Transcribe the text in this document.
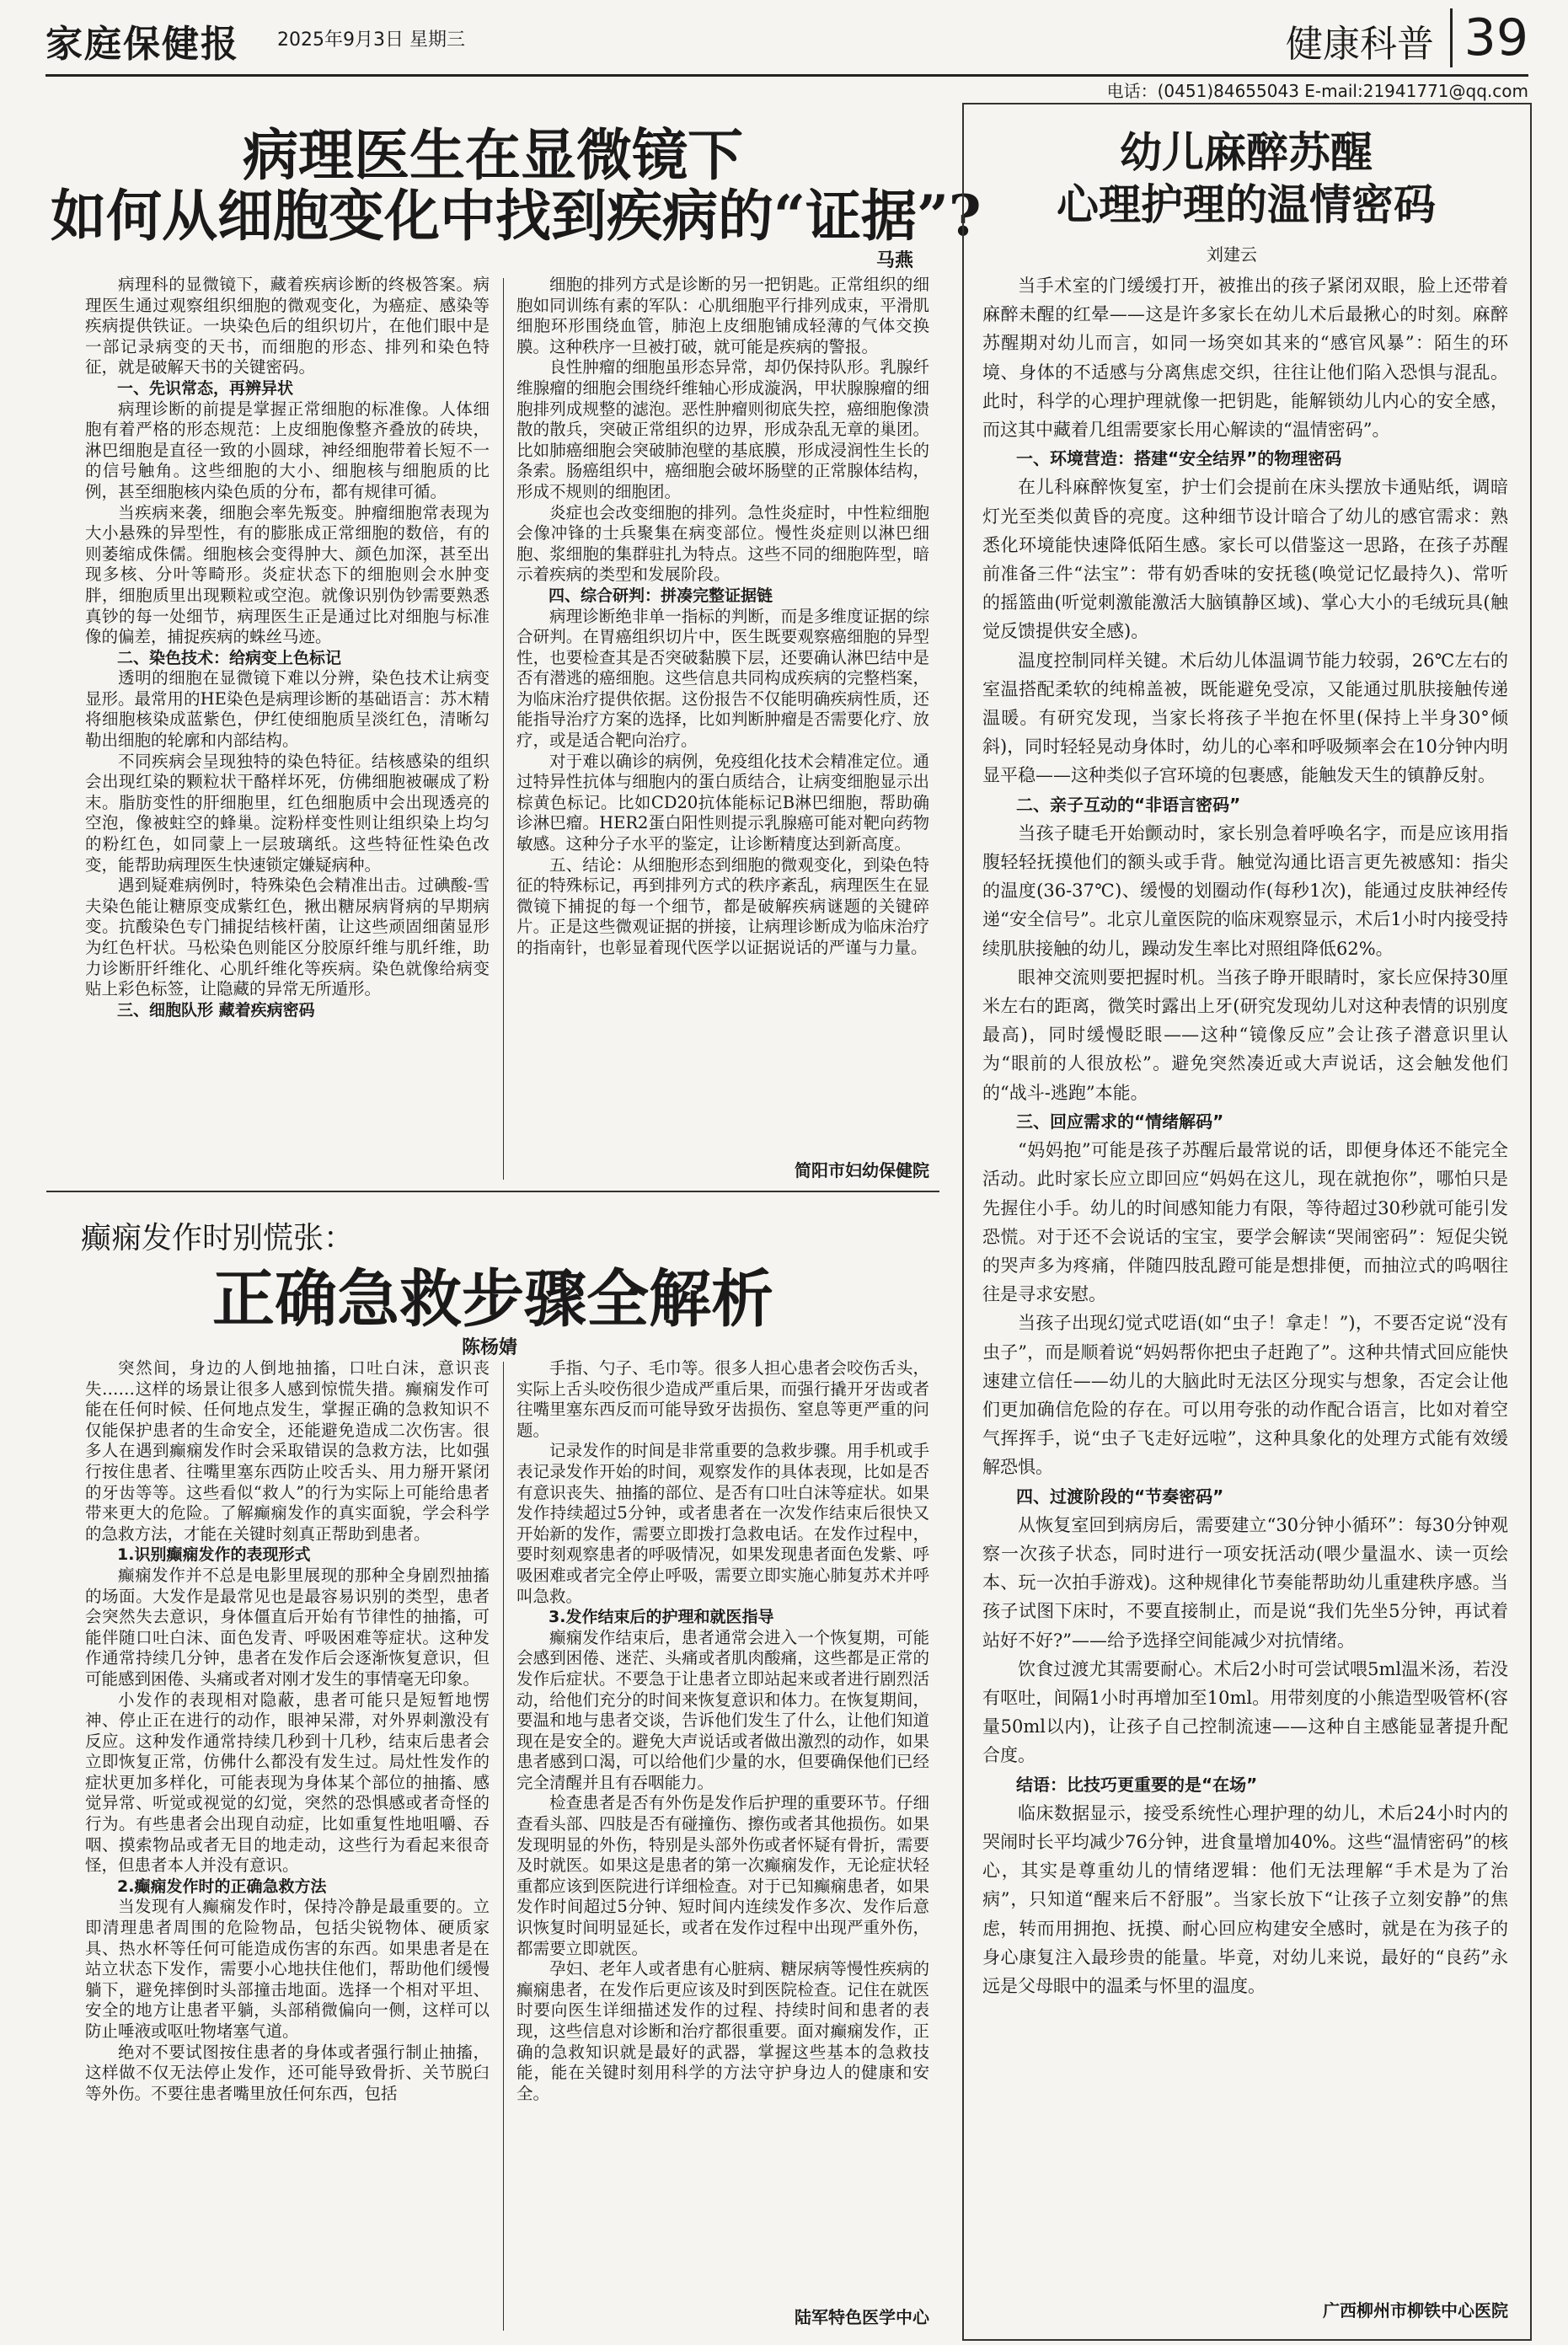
家庭保健报 2025年9月3日 星期三	健康科普 39
电话：(0451)84655043 E-mail:21941771@qq.com
病理医生在显微镜下
如何从细胞变化中找到疾病的“证据”?
马燕

病理科的显微镜下，藏着疾病诊断的终极答案。病理医生通过观察组织细胞的微观变化，为癌症、感染等疾病提供铁证。一块染色后的组织切片，在他们眼中是一部记录病变的天书，而细胞的形态、排列和染色特征，就是破解天书的关键密码。

一、先识常态，再辨异状

病理诊断的前提是掌握正常细胞的标准像。人体细胞有着严格的形态规范：上皮细胞像整齐叠放的砖块，淋巴细胞是直径一致的小圆球，神经细胞带着长短不一的信号触角。这些细胞的大小、细胞核与细胞质的比例，甚至细胞核内染色质的分布，都有规律可循。

当疾病来袭，细胞会率先叛变。肿瘤细胞常表现为大小悬殊的异型性，有的膨胀成正常细胞的数倍，有的则萎缩成侏儒。细胞核会变得肿大、颜色加深，甚至出现多核、分叶等畸形。炎症状态下的细胞则会水肿变胖，细胞质里出现颗粒或空泡。就像识别伪钞需要熟悉真钞的每一处细节，病理医生正是通过比对细胞与标准像的偏差，捕捉疾病的蛛丝马迹。

二、染色技术：给病变上色标记

透明的细胞在显微镜下难以分辨，染色技术让病变显形。最常用的HE染色是病理诊断的基础语言：苏木精将细胞核染成蓝紫色，伊红使细胞质呈淡红色，清晰勾勒出细胞的轮廓和内部结构。

不同疾病会呈现独特的染色特征。结核感染的组织会出现红染的颗粒状干酪样坏死，仿佛细胞被碾成了粉末。脂肪变性的肝细胞里，红色细胞质中会出现透亮的空泡，像被蛀空的蜂巢。淀粉样变性则让组织染上均匀的粉红色，如同蒙上一层玻璃纸。这些特征性染色改变，能帮助病理医生快速锁定嫌疑病种。

遇到疑难病例时，特殊染色会精准出击。过碘酸-雪夫染色能让糖原变成紫红色，揪出糖尿病肾病的早期病变。抗酸染色专门捕捉结核杆菌，让这些顽固细菌显形为红色杆状。马松染色则能区分胶原纤维与肌纤维，助力诊断肝纤维化、心肌纤维化等疾病。染色就像给病变贴上彩色标签，让隐藏的异常无所遁形。

三、细胞队形 藏着疾病密码

细胞的排列方式是诊断的另一把钥匙。正常组织的细胞如同训练有素的军队：心肌细胞平行排列成束，平滑肌细胞环形围绕血管，肺泡上皮细胞铺成轻薄的气体交换膜。这种秩序一旦被打破，就可能是疾病的警报。

良性肿瘤的细胞虽形态异常，却仍保持队形。乳腺纤维腺瘤的细胞会围绕纤维轴心形成漩涡，甲状腺腺瘤的细胞排列成规整的滤泡。恶性肿瘤则彻底失控，癌细胞像溃散的散兵，突破正常组织的边界，形成杂乱无章的巢团。比如肺癌细胞会突破肺泡壁的基底膜，形成浸润性生长的条索。肠癌组织中，癌细胞会破坏肠壁的正常腺体结构，形成不规则的细胞团。

炎症也会改变细胞的排列。急性炎症时，中性粒细胞会像冲锋的士兵聚集在病变部位。慢性炎症则以淋巴细胞、浆细胞的集群驻扎为特点。这些不同的细胞阵型，暗示着疾病的类型和发展阶段。

四、综合研判：拼凑完整证据链

病理诊断绝非单一指标的判断，而是多维度证据的综合研判。在胃癌组织切片中，医生既要观察癌细胞的异型性，也要检查其是否突破黏膜下层，还要确认淋巴结中是否有潜逃的癌细胞。这些信息共同构成疾病的完整档案，为临床治疗提供依据。这份报告不仅能明确疾病性质，还能指导治疗方案的选择，比如判断肿瘤是否需要化疗、放疗，或是适合靶向治疗。

对于难以确诊的病例，免疫组化技术会精准定位。通过特异性抗体与细胞内的蛋白质结合，让病变细胞显示出棕黄色标记。比如CD20抗体能标记B淋巴细胞，帮助确诊淋巴瘤。HER2蛋白阳性则提示乳腺癌可能对靶向药物敏感。这种分子水平的鉴定，让诊断精度达到新高度。

五、结论：从细胞形态到细胞的微观变化，到染色特征的特殊标记，再到排列方式的秩序紊乱，病理医生在显微镜下捕捉的每一个细节，都是破解疾病谜题的关键碎片。正是这些微观证据的拼接，让病理诊断成为临床治疗的指南针，也彰显着现代医学以证据说话的严谨与力量。

简阳市妇幼保健院
癫痫发作时别慌张：
正确急救步骤全解析
陈杨婧

突然间，身边的人倒地抽搐，口吐白沫，意识丧失……这样的场景让很多人感到惊慌失措。癫痫发作可能在任何时候、任何地点发生，掌握正确的急救知识不仅能保护患者的生命安全，还能避免造成二次伤害。很多人在遇到癫痫发作时会采取错误的急救方法，比如强行按住患者、往嘴里塞东西防止咬舌头、用力掰开紧闭的牙齿等等。这些看似“救人”的行为实际上可能给患者带来更大的危险。了解癫痫发作的真实面貌，学会科学的急救方法，才能在关键时刻真正帮助到患者。

1.识别癫痫发作的表现形式

癫痫发作并不总是电影里展现的那种全身剧烈抽搐的场面。大发作是最常见也是最容易识别的类型，患者会突然失去意识，身体僵直后开始有节律性的抽搐，可能伴随口吐白沫、面色发青、呼吸困难等症状。这种发作通常持续几分钟，患者在发作后会逐渐恢复意识，但可能感到困倦、头痛或者对刚才发生的事情毫无印象。

小发作的表现相对隐蔽，患者可能只是短暂地愣神、停止正在进行的动作，眼神呆滞，对外界刺激没有反应。这种发作通常持续几秒到十几秒，结束后患者会立即恢复正常，仿佛什么都没有发生过。局灶性发作的症状更加多样化，可能表现为身体某个部位的抽搐、感觉异常、听觉或视觉的幻觉，突然的恐惧感或者奇怪的行为。有些患者会出现自动症，比如重复性地咀嚼、吞咽、摸索物品或者无目的地走动，这些行为看起来很奇怪，但患者本人并没有意识。

2.癫痫发作时的正确急救方法

当发现有人癫痫发作时，保持冷静是最重要的。立即清理患者周围的危险物品，包括尖锐物体、硬质家具、热水杯等任何可能造成伤害的东西。如果患者是在站立状态下发作，需要小心地扶住他们，帮助他们缓慢躺下，避免摔倒时头部撞击地面。选择一个相对平坦、安全的地方让患者平躺，头部稍微偏向一侧，这样可以防止唾液或呕吐物堵塞气道。

绝对不要试图按住患者的身体或者强行制止抽搐，这样做不仅无法停止发作，还可能导致骨折、关节脱臼等外伤。不要往患者嘴里放任何东西，包括

手指、勺子、毛巾等。很多人担心患者会咬伤舌头，实际上舌头咬伤很少造成严重后果，而强行撬开牙齿或者往嘴里塞东西反而可能导致牙齿损伤、窒息等更严重的问题。

记录发作的时间是非常重要的急救步骤。用手机或手表记录发作开始的时间，观察发作的具体表现，比如是否有意识丧失、抽搐的部位、是否有口吐白沫等症状。如果发作持续超过5分钟，或者患者在一次发作结束后很快又开始新的发作，需要立即拨打急救电话。在发作过程中，要时刻观察患者的呼吸情况，如果发现患者面色发紫、呼吸困难或者完全停止呼吸，需要立即实施心肺复苏术并呼叫急救。

3.发作结束后的护理和就医指导

癫痫发作结束后，患者通常会进入一个恢复期，可能会感到困倦、迷茫、头痛或者肌肉酸痛，这些都是正常的发作后症状。不要急于让患者立即站起来或者进行剧烈活动，给他们充分的时间来恢复意识和体力。在恢复期间，要温和地与患者交谈，告诉他们发生了什么，让他们知道现在是安全的。避免大声说话或者做出激烈的动作，如果患者感到口渴，可以给他们少量的水，但要确保他们已经完全清醒并且有吞咽能力。

检查患者是否有外伤是发作后护理的重要环节。仔细查看头部、四肢是否有碰撞伤、擦伤或者其他损伤。如果发现明显的外伤，特别是头部外伤或者怀疑有骨折，需要及时就医。如果这是患者的第一次癫痫发作，无论症状轻重都应该到医院进行详细检查。对于已知癫痫患者，如果发作时间超过5分钟、短时间内连续发作多次、发作后意识恢复时间明显延长，或者在发作过程中出现严重外伤，都需要立即就医。

孕妇、老年人或者患有心脏病、糖尿病等慢性疾病的癫痫患者，在发作后更应该及时到医院检查。记住在就医时要向医生详细描述发作的过程、持续时间和患者的表现，这些信息对诊断和治疗都很重要。面对癫痫发作，正确的急救知识就是最好的武器，掌握这些基本的急救技能，能在关键时刻用科学的方法守护身边人的健康和安全。

陆军特色医学中心
幼儿麻醉苏醒
心理护理的温情密码
刘建云

当手术室的门缓缓打开，被推出的孩子紧闭双眼，脸上还带着麻醉未醒的红晕——这是许多家长在幼儿术后最揪心的时刻。麻醉苏醒期对幼儿而言，如同一场突如其来的“感官风暴”：陌生的环境、身体的不适感与分离焦虑交织，往往让他们陷入恐惧与混乱。此时，科学的心理护理就像一把钥匙，能解锁幼儿内心的安全感，而这其中藏着几组需要家长用心解读的“温情密码”。

一、环境营造：搭建“安全结界”的物理密码

在儿科麻醉恢复室，护士们会提前在床头摆放卡通贴纸，调暗灯光至类似黄昏的亮度。这种细节设计暗合了幼儿的感官需求：熟悉化环境能快速降低陌生感。家长可以借鉴这一思路，在孩子苏醒前准备三件“法宝”：带有奶香味的安抚毯(唤觉记忆最持久)、常听的摇篮曲(听觉刺激能激活大脑镇静区域)、掌心大小的毛绒玩具(触觉反馈提供安全感)。

温度控制同样关键。术后幼儿体温调节能力较弱，26℃左右的室温搭配柔软的纯棉盖被，既能避免受凉，又能通过肌肤接触传递温暖。有研究发现，当家长将孩子半抱在怀里(保持上半身30°倾斜)，同时轻轻晃动身体时，幼儿的心率和呼吸频率会在10分钟内明显平稳——这种类似子宫环境的包裹感，能触发天生的镇静反射。

二、亲子互动的“非语言密码”

当孩子睫毛开始颤动时，家长别急着呼唤名字，而是应该用指腹轻轻抚摸他们的额头或手背。触觉沟通比语言更先被感知：指尖的温度(36-37℃)、缓慢的划圈动作(每秒1次)，能通过皮肤神经传递“安全信号”。北京儿童医院的临床观察显示，术后1小时内接受持续肌肤接触的幼儿，躁动发生率比对照组降低62%。

眼神交流则要把握时机。当孩子睁开眼睛时，家长应保持30厘米左右的距离，微笑时露出上牙(研究发现幼儿对这种表情的识别度最高)，同时缓慢眨眼——这种“镜像反应”会让孩子潜意识里认为“眼前的人很放松”。避免突然凑近或大声说话，这会触发他们的“战斗-逃跑”本能。

三、回应需求的“情绪解码”

“妈妈抱”可能是孩子苏醒后最常说的话，即便身体还不能完全活动。此时家长应立即回应“妈妈在这儿，现在就抱你”，哪怕只是先握住小手。幼儿的时间感知能力有限，等待超过30秒就可能引发恐慌。对于还不会说话的宝宝，要学会解读“哭闹密码”：短促尖锐的哭声多为疼痛，伴随四肢乱蹬可能是想排便，而抽泣式的呜咽往往是寻求安慰。

当孩子出现幻觉式呓语(如“虫子！拿走！”)，不要否定说“没有虫子”，而是顺着说“妈妈帮你把虫子赶跑了”。这种共情式回应能快速建立信任——幼儿的大脑此时无法区分现实与想象，否定会让他们更加确信危险的存在。可以用夸张的动作配合语言，比如对着空气挥挥手，说“虫子飞走好远啦”，这种具象化的处理方式能有效缓解恐惧。

四、过渡阶段的“节奏密码”

从恢复室回到病房后，需要建立“30分钟小循环”：每30分钟观察一次孩子状态，同时进行一项安抚活动(喂少量温水、读一页绘本、玩一次拍手游戏)。这种规律化节奏能帮助幼儿重建秩序感。当孩子试图下床时，不要直接制止，而是说“我们先坐5分钟，再试着站好不好?”——给予选择空间能减少对抗情绪。

饮食过渡尤其需要耐心。术后2小时可尝试喂5ml温米汤，若没有呕吐，间隔1小时再增加至10ml。用带刻度的小熊造型吸管杯(容量50ml以内)，让孩子自己控制流速——这种自主感能显著提升配合度。

结语：比技巧更重要的是“在场”

临床数据显示，接受系统性心理护理的幼儿，术后24小时内的哭闹时长平均减少76分钟，进食量增加40%。这些“温情密码”的核心，其实是尊重幼儿的情绪逻辑：他们无法理解“手术是为了治病”，只知道“醒来后不舒服”。当家长放下“让孩子立刻安静”的焦虑，转而用拥抱、抚摸、耐心回应构建安全感时，就是在为孩子的身心康复注入最珍贵的能量。毕竟，对幼儿来说，最好的“良药”永远是父母眼中的温柔与怀里的温度。

广西柳州市柳铁中心医院
